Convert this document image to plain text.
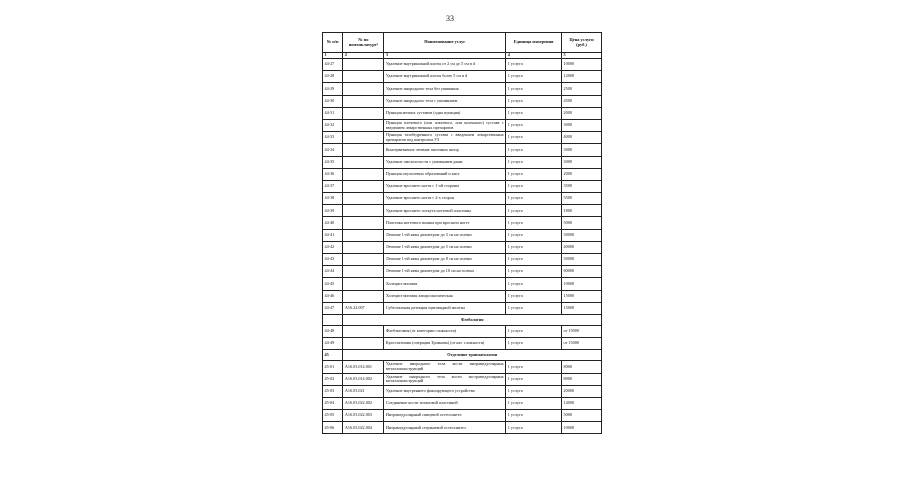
33
№ п/п	№ по номенклатуре¹	Наименование услуг	Единица измерения	Цена услуги (руб.)
1	2	3	4	5
44-27		Удаление внутрикожной кисты от 2 см до 5 см в d	1 услуга	10000
44-28		Удаление внутрикожной кисты более 5 см в d	1 услуга	12000
44-29		Удаление инородного тела без ушивания	1 услуга	2500
44-30		Удаление инородного тела с ушиванием	1 услуга	4500
44-31		Пункция мелких суставов (одна пункция)	1 услуга	2000
44-32		Пункция плечевого (или локтевого, или коленного) сустава с введением лекарственных препаратов	1 услуга	3000
44-33		Пункция тазобедренного сустава с введением лекарственных препаратов под контролем УЗ	1 услуга	4000
44-34		Консервативное лечение пяточных шпор	1 услуга	3000
44-35		Удаление омозолелости с ушиванием раны	1 услуга	3000
44-36		Пункция опухолевых образований и кист	1 услуга	2000
44-37		Удаление вросшего ногтя с 1-ой стороны	1 услуга	3500
44-38		Удаление вросшего ногтя с 2-х сторон	1 услуга	5500
44-39		Удаление вросшего лоскута ногтевой пластины	1 услуга	1800
44-40		Пластика ногтевого валика при вросшем ногте	1 услуга	5000
44-41		Лечение 1-ой язвы диаметром до 3 см на голени	1 услуга	30000
44-42		Лечение 1-ой язвы диаметром до 5 см на голени	1 услуга	40000
44-43		Лечение 1-ой язвы диаметром до 8 см на голени	1 услуга	50000
44-44		Лечение 1-ой язвы диаметром до 10 см на голени	1 услуга	60000
44-45		Холецистэктомия	1 услуга	10000
44-46		Холецистэктомия лапароскопическая	1 услуга	15000
44-47	A16.22.007	Субтотальная резекция щитовидной железы	1 услуга	15000
	Флебология			
44-48		Флебэктомия (от категории сложности)	1 услуга	от 15000
44-49		Кроссэктомия (операция Троянова) (от кат. сложности)	1 услуга	от 15000
45	Отделение травматологии			
45-01	A16.03.014.001	Удаление инородного тела кости интрамедуллярных металлоконструкций	1 услуга	8000
45-02	A16.03.014.002	Удаление инородного тела кости экстрамедуллярных металлоконструкций	1 услуга	8000
45-03	A16.03.021	Удаление внутреннего фиксирующего устройства	1 услуга	20000
45-04	A16.03.022.002	Соединение кости титановой пластиной	1 услуга	14000
45-05	A16.03.022.003	Интрамедуллярный спицевой остеосинтез	1 услуга	5000
45-06	A16.03.022.004	Интрамедуллярный стержневой остеосинтез	1 услуга	10000
